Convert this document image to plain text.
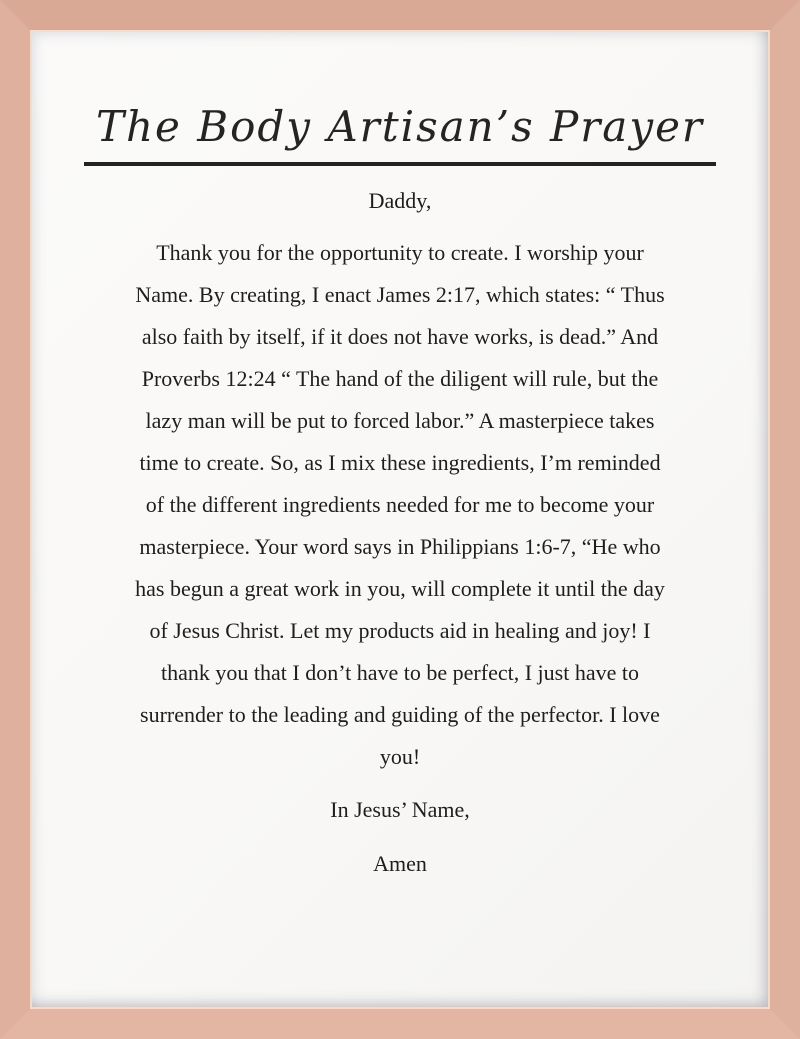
The Body Artisan’s Prayer
Daddy,
Thank you for the opportunity to create. I worship your
Name. By creating, I enact James 2:17, which states: “ Thus
also faith by itself, if it does not have works, is dead.” And
Proverbs 12:24 “ The hand of the diligent will rule, but the
lazy man will be put to forced labor.” A masterpiece takes
time to create. So, as I mix these ingredients, I’m reminded
of the different ingredients needed for me to become your
masterpiece. Your word says in Philippians 1:6-7, “He who
has begun a great work in you, will complete it until the day
of Jesus Christ. Let my products aid in healing and joy! I
thank you that I don’t have to be perfect, I just have to
surrender to the leading and guiding of the perfector. I love
you!
In Jesus’ Name,
Amen
